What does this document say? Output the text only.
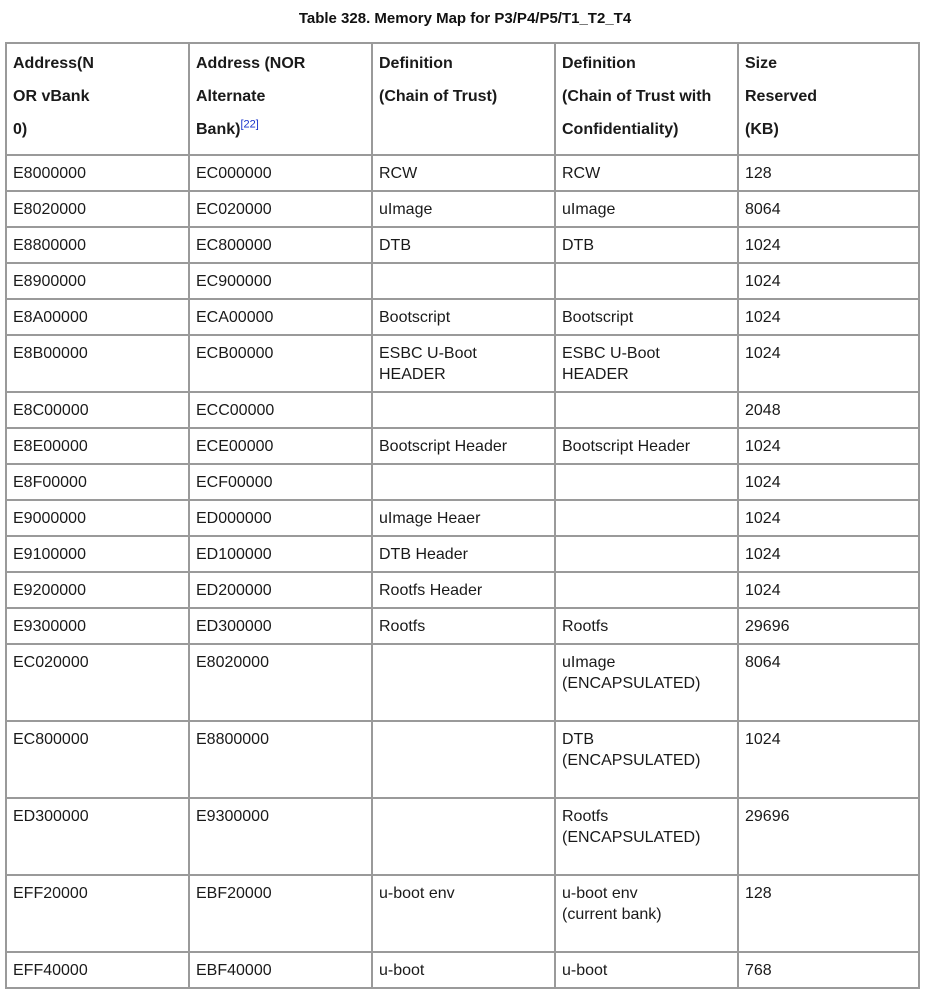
Table 328. Memory Map for P3/P4/P5/T1_T2_T4
Address(N
OR vBank
0)	Address (NOR
Alternate
Bank)[22]	Definition
(Chain of Trust)	Definition
(Chain of Trust with
Confidentiality)	Size
Reserved
(KB)

E8000000	EC000000	RCW	RCW	128
E8020000	EC020000	uImage	uImage	8064
E8800000	EC800000	DTB	DTB	1024
E8900000	EC900000			1024
E8A00000	ECA00000	Bootscript	Bootscript	1024
E8B00000	ECB00000	ESBC U-Boot
HEADER	ESBC U-Boot
HEADER	1024
E8C00000	ECC00000			2048
E8E00000	ECE00000	Bootscript Header	Bootscript Header	1024
E8F00000	ECF00000			1024
E9000000	ED000000	uImage Heaer		1024
E9100000	ED100000	DTB Header		1024
E9200000	ED200000	Rootfs Header		1024
E9300000	ED300000	Rootfs	Rootfs	29696
EC020000	E8020000		uImage
(ENCAPSULATED)	8064
EC800000	E8800000		DTB
(ENCAPSULATED)	1024
ED300000	E9300000		Rootfs
(ENCAPSULATED)	29696
EFF20000	EBF20000	u-boot env	u-boot env
(current bank)	128
EFF40000	EBF40000	u-boot	u-boot	768
